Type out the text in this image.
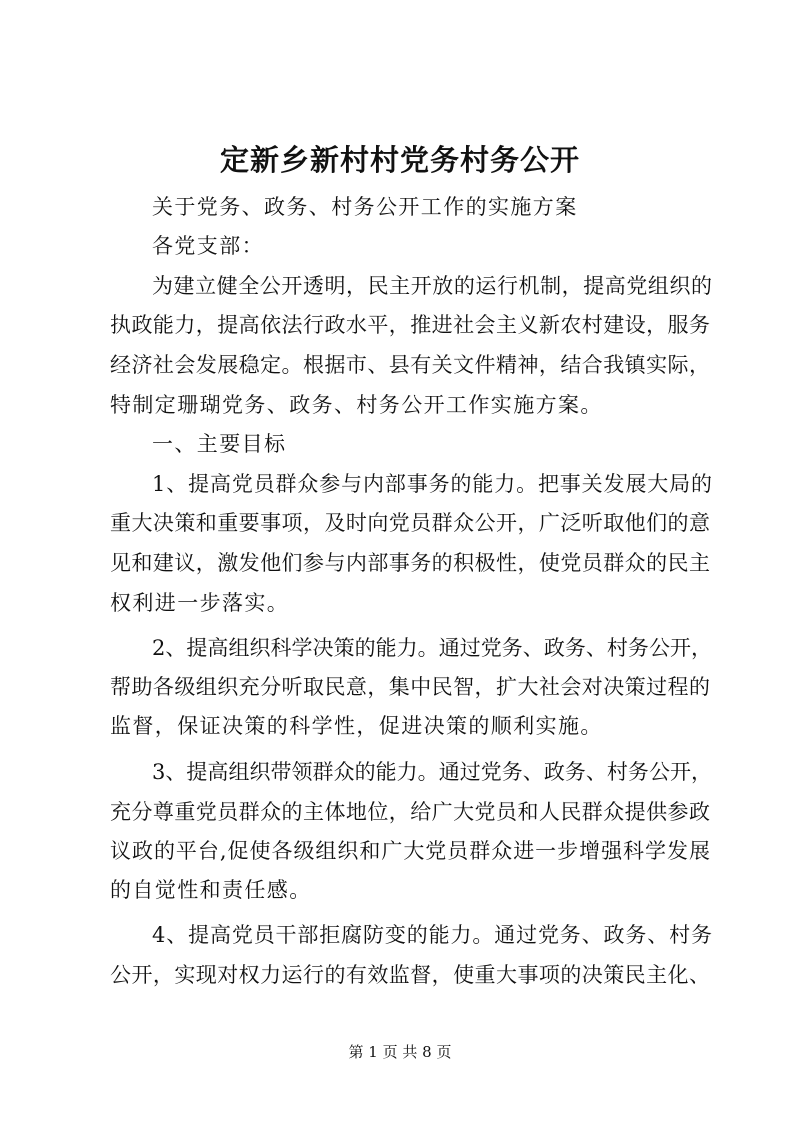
定新乡新村村党务村务公开
关于党务、政务、村务公开工作的实施方案
各党支部：
为建立健全公开透明，民主开放的运行机制，提高党组织的
执政能力，提高依法行政水平，推进社会主义新农村建设，服务
经济社会发展稳定。根据市、县有关文件精神，结合我镇实际，
特制定珊瑚党务、政务、村务公开工作实施方案。
一、主要目标
1、提高党员群众参与内部事务的能力。把事关发展大局的
重大决策和重要事项，及时向党员群众公开，广泛听取他们的意
见和建议，激发他们参与内部事务的积极性，使党员群众的民主
权利进一步落实。
2、提高组织科学决策的能力。通过党务、政务、村务公开，
帮助各级组织充分听取民意，集中民智，扩大社会对决策过程的
监督，保证决策的科学性，促进决策的顺利实施。
3、提高组织带领群众的能力。通过党务、政务、村务公开，
充分尊重党员群众的主体地位，给广大党员和人民群众提供参政
议政的平台,促使各级组织和广大党员群众进一步增强科学发展
的自觉性和责任感。
4、提高党员干部拒腐防变的能力。通过党务、政务、村务
公开，实现对权力运行的有效监督，使重大事项的决策民主化、
第 1 页 共 8 页
